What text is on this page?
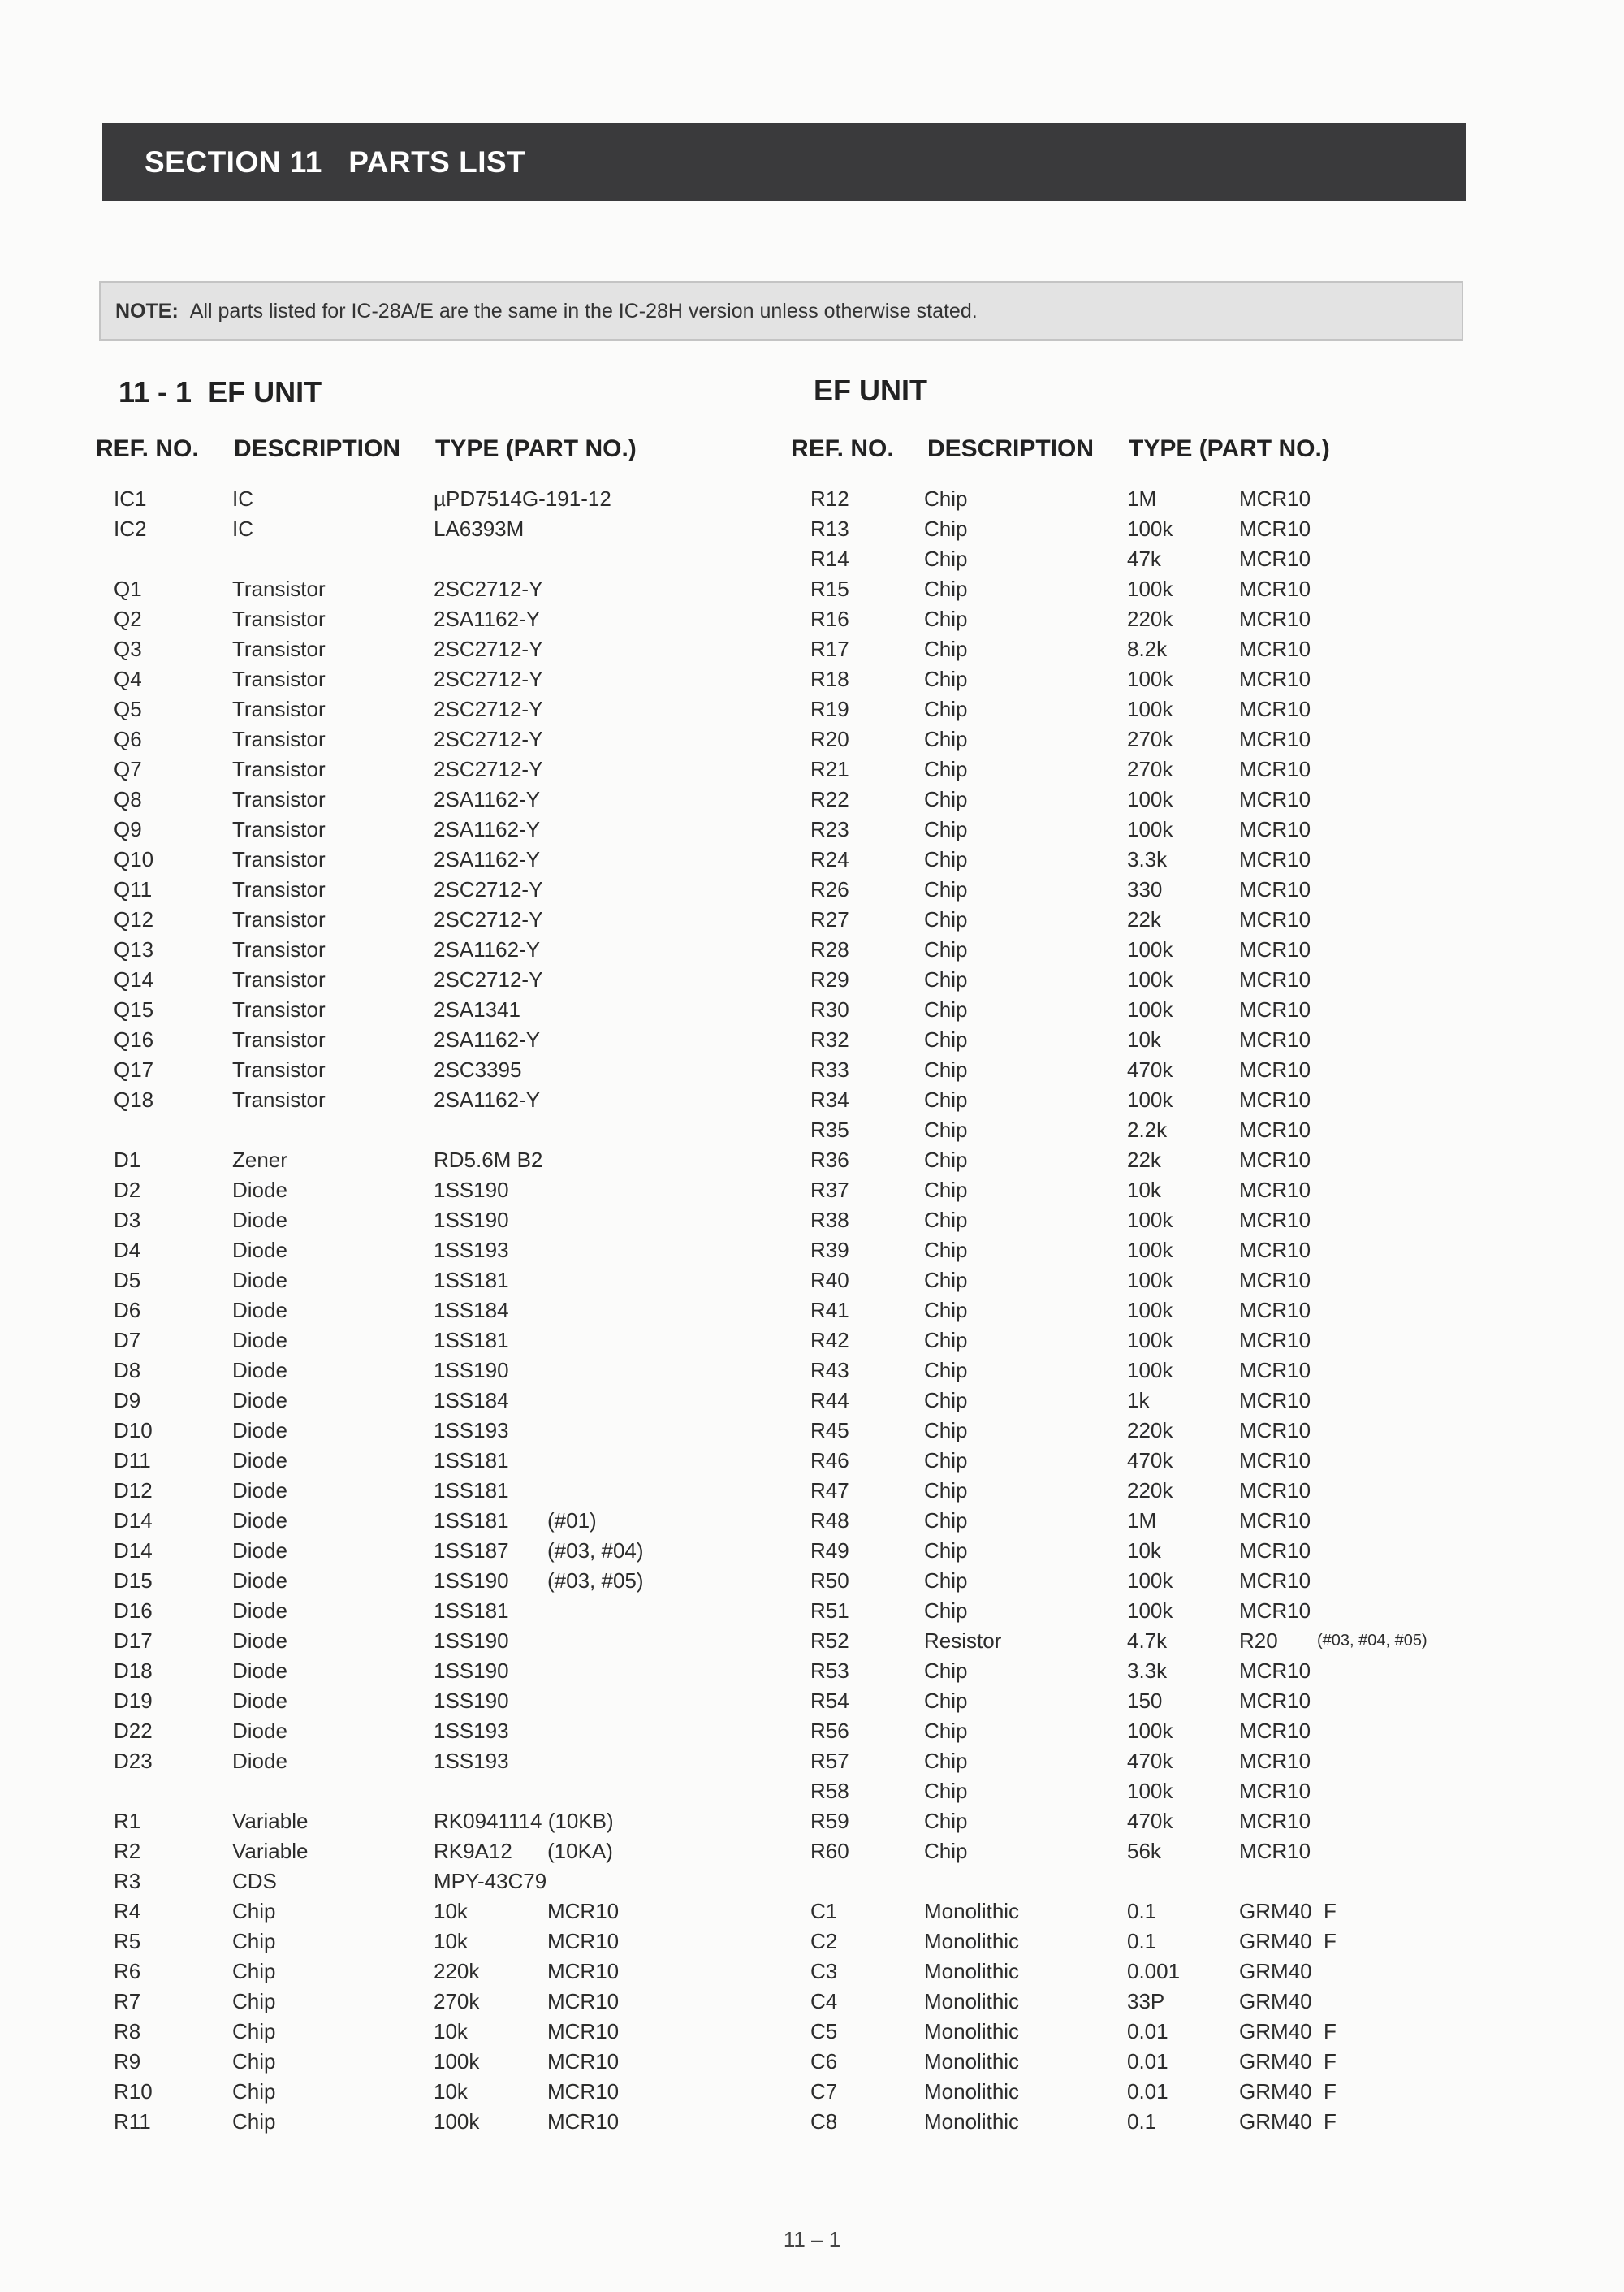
SECTION 11   PARTS LIST
NOTE: All parts listed for IC-28A/E are the same in the IC-28H version unless otherwise stated.
11 - 1  EF UNIT	EF UNIT
REF. NO. DESCRIPTION TYPE (PART NO.)	REF. NO. DESCRIPTION TYPE (PART NO.)
IC1	IC	µPD7514G-191-12
IC2	IC	LA6393M
Q1	Transistor	2SC2712-Y
Q2	Transistor	2SA1162-Y
Q3	Transistor	2SC2712-Y
Q4	Transistor	2SC2712-Y
Q5	Transistor	2SC2712-Y
Q6	Transistor	2SC2712-Y
Q7	Transistor	2SC2712-Y
Q8	Transistor	2SA1162-Y
Q9	Transistor	2SA1162-Y
Q10	Transistor	2SA1162-Y
Q11	Transistor	2SC2712-Y
Q12	Transistor	2SC2712-Y
Q13	Transistor	2SA1162-Y
Q14	Transistor	2SC2712-Y
Q15	Transistor	2SA1341
Q16	Transistor	2SA1162-Y
Q17	Transistor	2SC3395
Q18	Transistor	2SA1162-Y
D1	Zener	RD5.6M B2
D2	Diode	1SS190
D3	Diode	1SS190
D4	Diode	1SS193
D5	Diode	1SS181
D6	Diode	1SS184
D7	Diode	1SS181
D8	Diode	1SS190
D9	Diode	1SS184
D10	Diode	1SS193
D11	Diode	1SS181
D12	Diode	1SS181
D14	Diode	1SS181 (#01)
D14	Diode	1SS187 (#03, #04)
D15	Diode	1SS190 (#03, #05)
D16	Diode	1SS181
D17	Diode	1SS190
D18	Diode	1SS190
D19	Diode	1SS190
D22	Diode	1SS193
D23	Diode	1SS193
R1	Variable	RK0941114 (10KB)
R2	Variable	RK9A12 (10KA)
R3	CDS	MPY-43C79
R4	Chip	10k	MCR10
R5	Chip	10k	MCR10
R6	Chip	220k	MCR10
R7	Chip	270k	MCR10
R8	Chip	10k	MCR10
R9	Chip	100k	MCR10
R10	Chip	10k	MCR10
R11	Chip	100k	MCR10
R12	Chip	1M	MCR10
R13	Chip	100k	MCR10
R14	Chip	47k	MCR10
R15	Chip	100k	MCR10
R16	Chip	220k	MCR10
R17	Chip	8.2k	MCR10
R18	Chip	100k	MCR10
R19	Chip	100k	MCR10
R20	Chip	270k	MCR10
R21	Chip	270k	MCR10
R22	Chip	100k	MCR10
R23	Chip	100k	MCR10
R24	Chip	3.3k	MCR10
R26	Chip	330	MCR10
R27	Chip	22k	MCR10
R28	Chip	100k	MCR10
R29	Chip	100k	MCR10
R30	Chip	100k	MCR10
R32	Chip	10k	MCR10
R33	Chip	470k	MCR10
R34	Chip	100k	MCR10
R35	Chip	2.2k	MCR10
R36	Chip	22k	MCR10
R37	Chip	10k	MCR10
R38	Chip	100k	MCR10
R39	Chip	100k	MCR10
R40	Chip	100k	MCR10
R41	Chip	100k	MCR10
R42	Chip	100k	MCR10
R43	Chip	100k	MCR10
R44	Chip	1k	MCR10
R45	Chip	220k	MCR10
R46	Chip	470k	MCR10
R47	Chip	220k	MCR10
R48	Chip	1M	MCR10
R49	Chip	10k	MCR10
R50	Chip	100k	MCR10
R51	Chip	100k	MCR10
R52	Resistor	4.7k	R20 (#03, #04, #05)
R53	Chip	3.3k	MCR10
R54	Chip	150	MCR10
R56	Chip	100k	MCR10
R57	Chip	470k	MCR10
R58	Chip	100k	MCR10
R59	Chip	470k	MCR10
R60	Chip	56k	MCR10
C1	Monolithic	0.1	GRM40  F
C2	Monolithic	0.1	GRM40  F
C3	Monolithic	0.001	GRM40
C4	Monolithic	33P	GRM40
C5	Monolithic	0.01	GRM40  F
C6	Monolithic	0.01	GRM40  F
C7	Monolithic	0.01	GRM40  F
C8	Monolithic	0.1	GRM40  F
11 – 1
